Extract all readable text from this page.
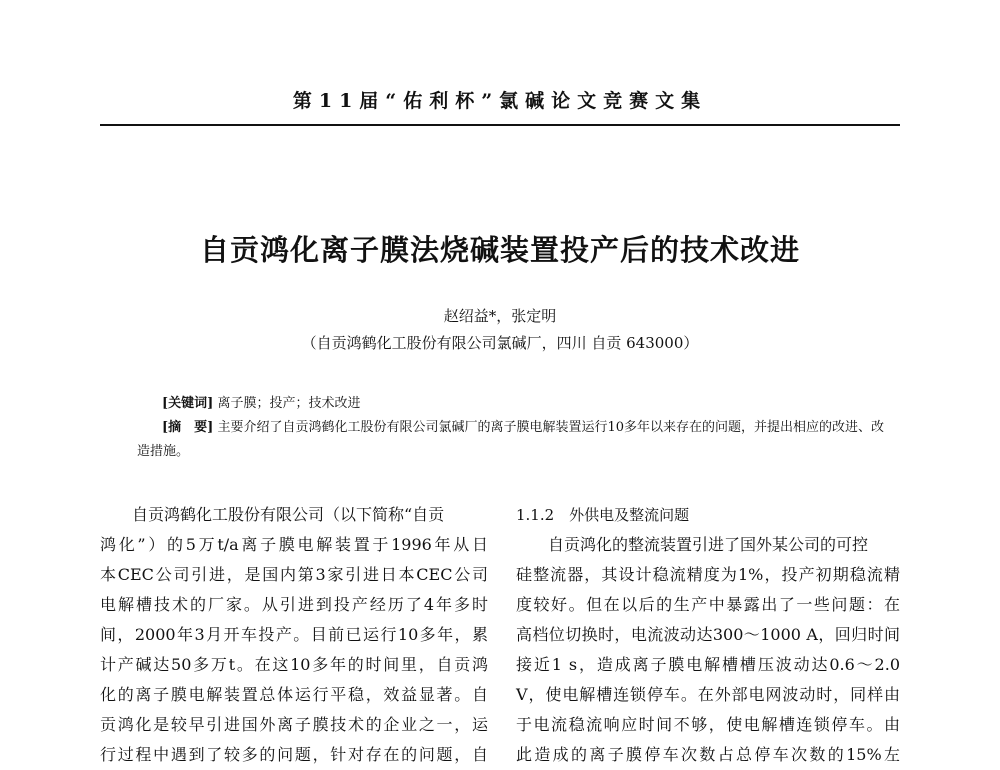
第11届“佑利杯”氯碱论文竞赛文集
自贡鸿化离子膜法烧碱装置投产后的技术改进
赵绍益*，张定明
（自贡鸿鹤化工股份有限公司氯碱厂，四川 自贡 643000）
[关键词] 离子膜；投产；技术改进
[摘　要] 主要介绍了自贡鸿鹤化工股份有限公司氯碱厂的离子膜电解装置运行10多年以来存在的问题，并提出相应的改进、改造措施。
自贡鸿鹤化工股份有限公司（以下简称“自贡
鸿化”）的5万t/a离子膜电解装置于1996年从日
本CEC公司引进，是国内第3家引进日本CEC公司
电解槽技术的厂家。从引进到投产经历了4年多时
间，2000年3月开车投产。目前已运行10多年，累
计产碱达50多万t。在这10多年的时间里，自贡鸿
化的离子膜电解装置总体运行平稳，效益显著。自
贡鸿化是较早引进国外离子膜技术的企业之一，运
行过程中遇到了较多的问题，针对存在的问题，自
1.1.2　外供电及整流问题
自贡鸿化的整流装置引进了国外某公司的可控
硅整流器，其设计稳流精度为1%，投产初期稳流精
度较好。但在以后的生产中暴露出了一些问题：在
高档位切换时，电流波动达300～1000 A，回归时间
接近1 s，造成离子膜电解槽槽压波动达0.6～2.0
V，使电解槽连锁停车。在外部电网波动时，同样由
于电流稳流响应时间不够，使电解槽连锁停车。由
此造成的离子膜停车次数占总停车次数的15%左
